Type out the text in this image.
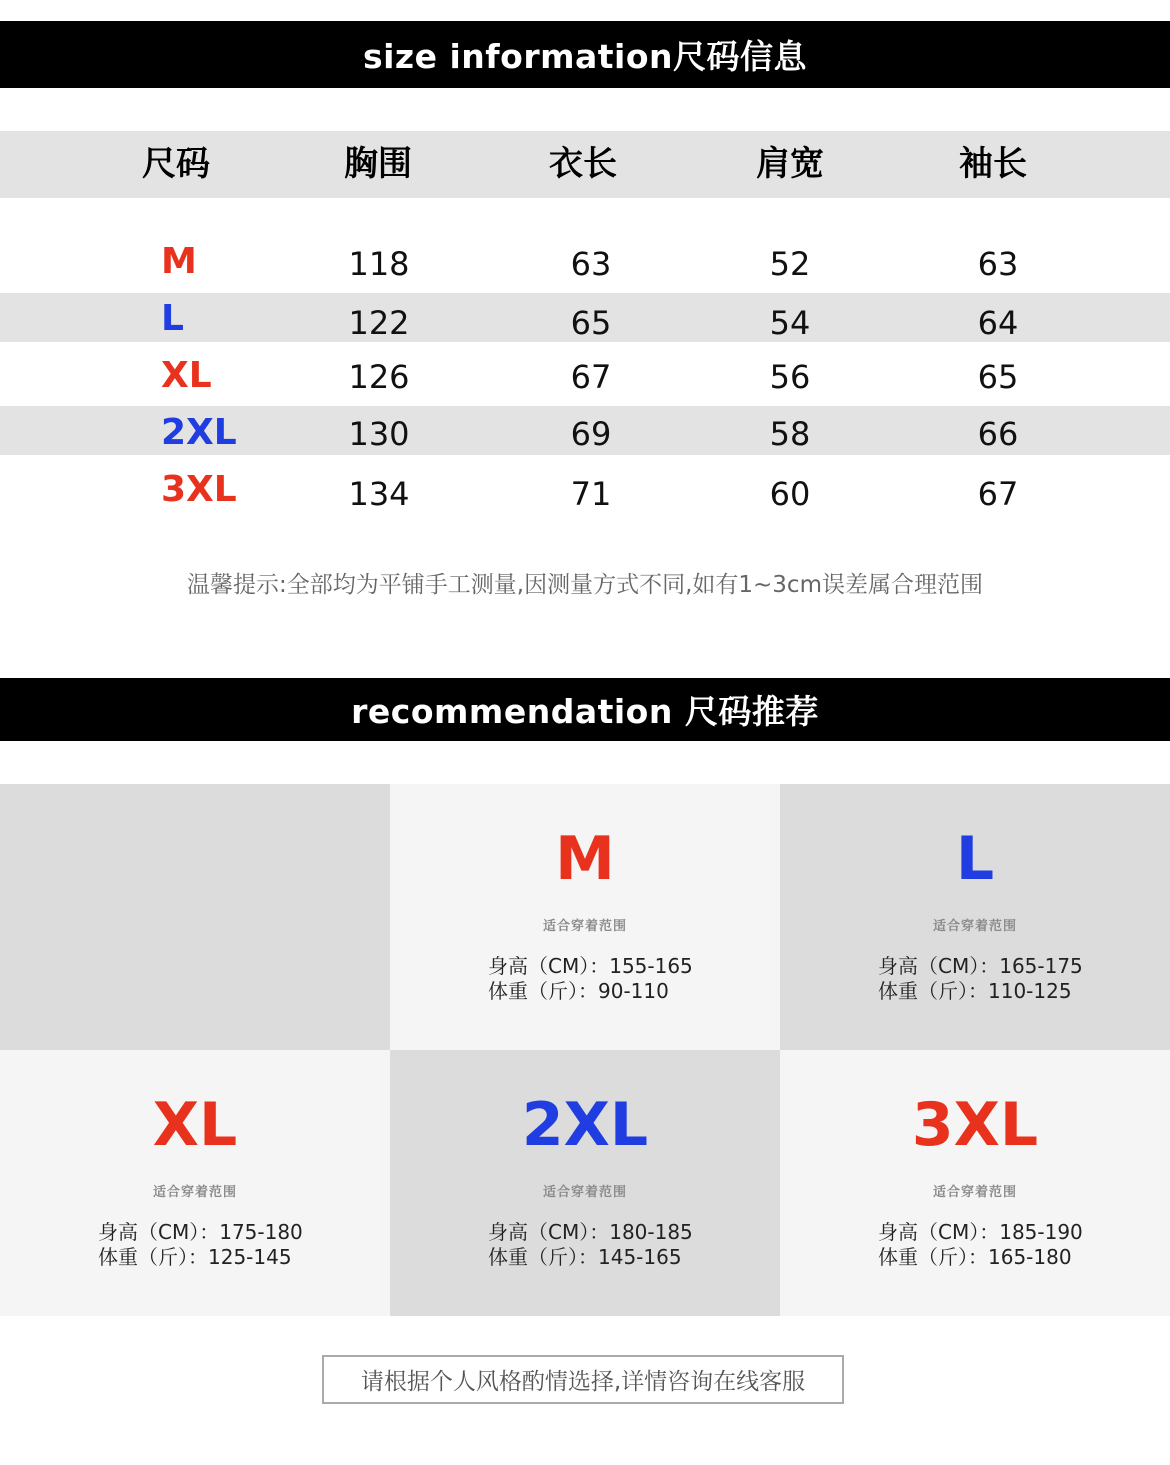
size information尺码信息
尺码	胸围	衣长	肩宽	袖长
M	118	63	52	63
L	122	65	54	64
XL	126	67	56	65
2XL	130	69	58	66
3XL	134	71	60	67
温馨提示:全部均为平铺手工测量,因测量方式不同,如有1~3cm误差属合理范围
recommendation 尺码推荐
M
适合穿着范围
身高（CM）：155-165
体重（斤）：90-110
L
适合穿着范围
身高（CM）：165-175
体重（斤）：110-125
XL
适合穿着范围
身高（CM）：175-180
体重（斤）：125-145
2XL
适合穿着范围
身高（CM）：180-185
体重（斤）：145-165
3XL
适合穿着范围
身高（CM）：185-190
体重（斤）：165-180
请根据个人风格酌情选择,详情咨询在线客服
